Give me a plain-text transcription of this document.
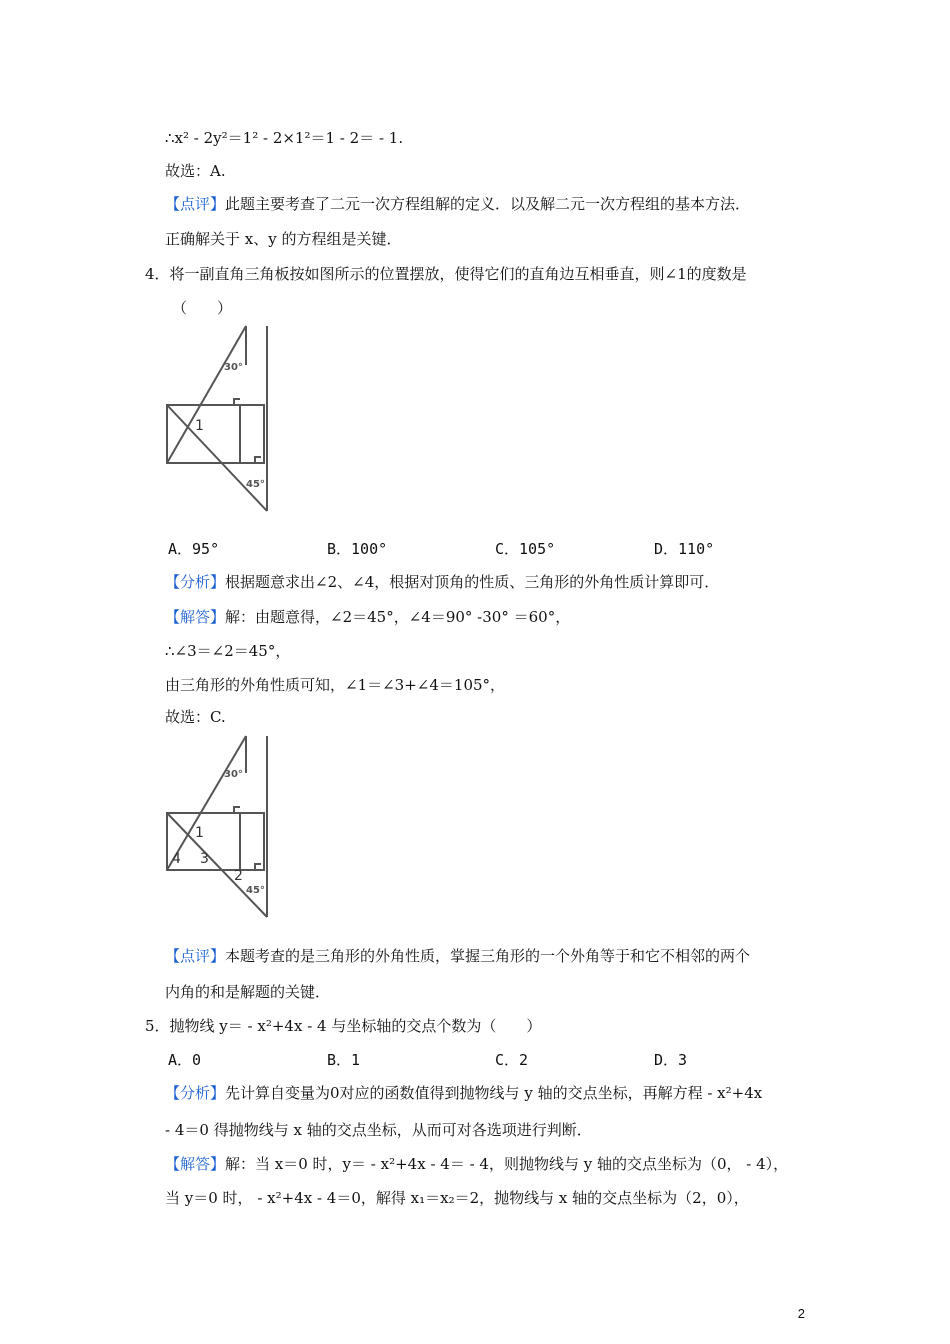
∴x² ‑ 2y²＝1² ‑ 2×1²＝1 ‑ 2＝ ‑ 1.
故选：A.
【点评】此题主要考查了二元一次方程组解的定义．以及解二元一次方程组的基本方法．
正确解关于 x、y 的方程组是关键．
4．将一副直角三角板按如图所示的位置摆放，使得它们的直角边互相垂直，则∠1的度数是
（　　）
30°
45°
1
A．95°	B．100°	C．105°	D．110°
【分析】根据题意求出∠2、∠4，根据对顶角的性质、三角形的外角性质计算即可．
【解答】解：由题意得，∠2＝45°，∠4＝90° ‑30° ＝60°，
∴∠3＝∠2＝45°，
由三角形的外角性质可知，∠1＝∠3+∠4＝105°，
故选：C.
30°
45°
1
2
3
4
【点评】本题考查的是三角形的外角性质，掌握三角形的一个外角等于和它不相邻的两个
内角的和是解题的关键．
5．抛物线 y＝ ‑ x²+4x ‑ 4 与坐标轴的交点个数为（　　）
A．0	B．1	C．2	D．3
【分析】先计算自变量为0对应的函数值得到抛物线与 y 轴的交点坐标，再解方程 ‑ x²+4x
‑ 4＝0 得抛物线与 x 轴的交点坐标，从而可对各选项进行判断．
【解答】解：当 x＝0 时，y＝ ‑ x²+4x ‑ 4＝ ‑ 4，则抛物线与 y 轴的交点坐标为（0， ‑ 4），
当 y＝0 时， ‑ x²+4x ‑ 4＝0，解得 x₁＝x₂＝2，抛物线与 x 轴的交点坐标为（2，0），
2
